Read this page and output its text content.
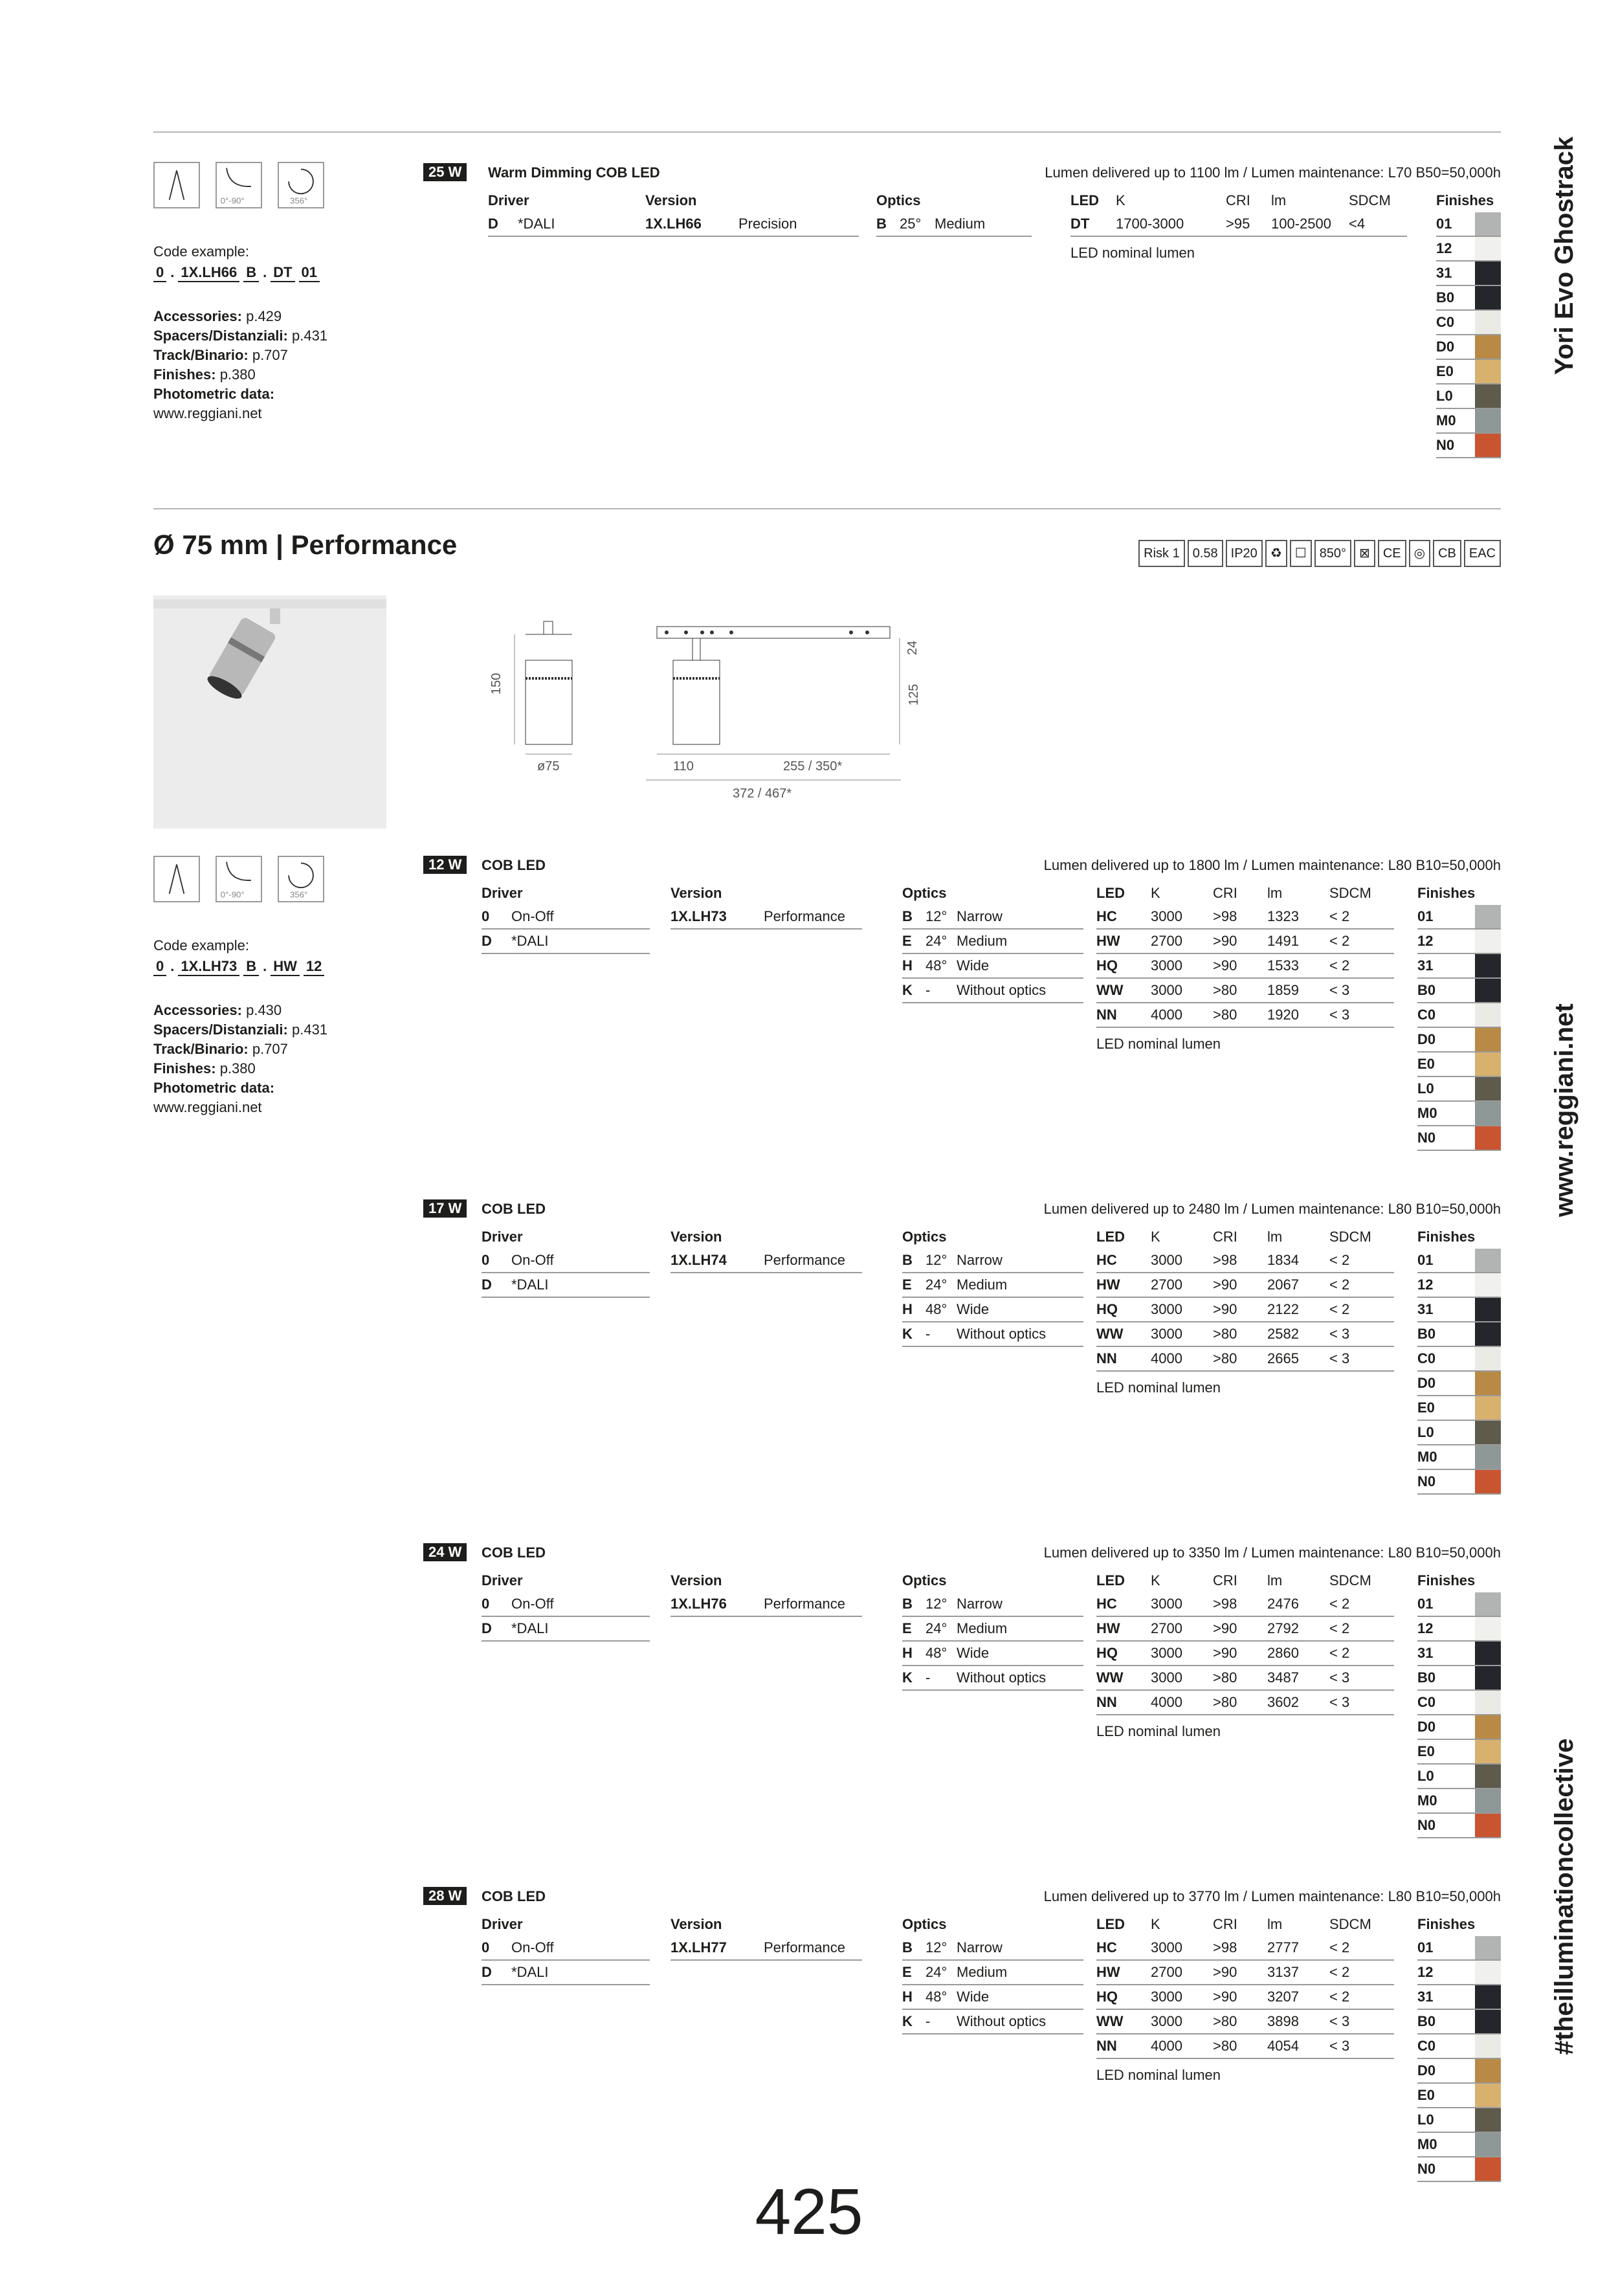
Yori Evo Ghostrack
www.reggiani.net
#theilluminationcollective
0°-90°	356°
Code example:
0 . 1X.LH66 B . DT 01
Accessories: p.429
Spacers/Distanziali: p.431
Track/Binario: p.707
Finishes: p.380
Photometric data:
www.reggiani.net
25 W	Warm Dimming COB LED	Lumen delivered up to 1100 lm / Lumen maintenance: L70 B50=50,000h
Driver
D *DALI
Version
1X.LH66	Precision
Optics
B 25° Medium
LED K	CRI lm	SDCM
DT 1700-3000	>95 100-2500 <4
LED nominal lumen
Finishes
01
12
31
B0
C0
D0
E0
L0
M0
N0
Ø 75 mm | Performance	Risk 1	0.58	IP20	♻	☐	850°	⊠	CE	◎	CB	EAC
150
ø75
24
125
110	255 / 350*
372 / 467*
0°-90°	356°
Code example:
0 . 1X.LH73 B . HW 12
Accessories: p.430
Spacers/Distanziali: p.431
Track/Binario: p.707
Finishes: p.380
Photometric data:
www.reggiani.net
12 W	COB LED	Lumen delivered up to 1800 lm / Lumen maintenance: L80 B10=50,000h
Driver
0 On-Off
D *DALI
Version
1X.LH73	Performance
Optics
B 12° Narrow
E 24° Medium
H 48° Wide
K - Without optics
LED K	CRI lm	SDCM
HC 3000 >98 1323 < 2
HW 2700 >90 1491 < 2
HQ 3000 >90 1533 < 2
WW 3000 >80 1859 < 3
NN 4000 >80 1920 < 3
LED nominal lumen
Finishes
01
12
31
B0
C0
D0
E0
L0
M0
N0
17 W	COB LED	Lumen delivered up to 2480 lm / Lumen maintenance: L80 B10=50,000h
Driver
0 On-Off
D *DALI
Version
1X.LH74	Performance
Optics
B 12° Narrow
E 24° Medium
H 48° Wide
K - Without optics
LED K	CRI lm	SDCM
HC 3000 >98 1834 < 2
HW 2700 >90 2067 < 2
HQ 3000 >90 2122 < 2
WW 3000 >80 2582 < 3
NN 4000 >80 2665 < 3
LED nominal lumen
Finishes
01
12
31
B0
C0
D0
E0
L0
M0
N0
24 W	COB LED	Lumen delivered up to 3350 lm / Lumen maintenance: L80 B10=50,000h
Driver
0 On-Off
D *DALI
Version
1X.LH76	Performance
Optics
B 12° Narrow
E 24° Medium
H 48° Wide
K - Without optics
LED K	CRI lm	SDCM
HC 3000 >98 2476 < 2
HW 2700 >90 2792 < 2
HQ 3000 >90 2860 < 2
WW 3000 >80 3487 < 3
NN 4000 >80 3602 < 3
LED nominal lumen
Finishes
01
12
31
B0
C0
D0
E0
L0
M0
N0
28 W	COB LED	Lumen delivered up to 3770 lm / Lumen maintenance: L80 B10=50,000h
Driver
0 On-Off
D *DALI
Version
1X.LH77	Performance
Optics
B 12° Narrow
E 24° Medium
H 48° Wide
K - Without optics
LED K	CRI lm	SDCM
HC 3000 >98 2777 < 2
HW 2700 >90 3137 < 2
HQ 3000 >90 3207 < 2
WW 3000 >80 3898 < 3
NN 4000 >80 4054 < 3
LED nominal lumen
Finishes
01
12
31
B0
C0
D0
E0
L0
M0
N0
425
